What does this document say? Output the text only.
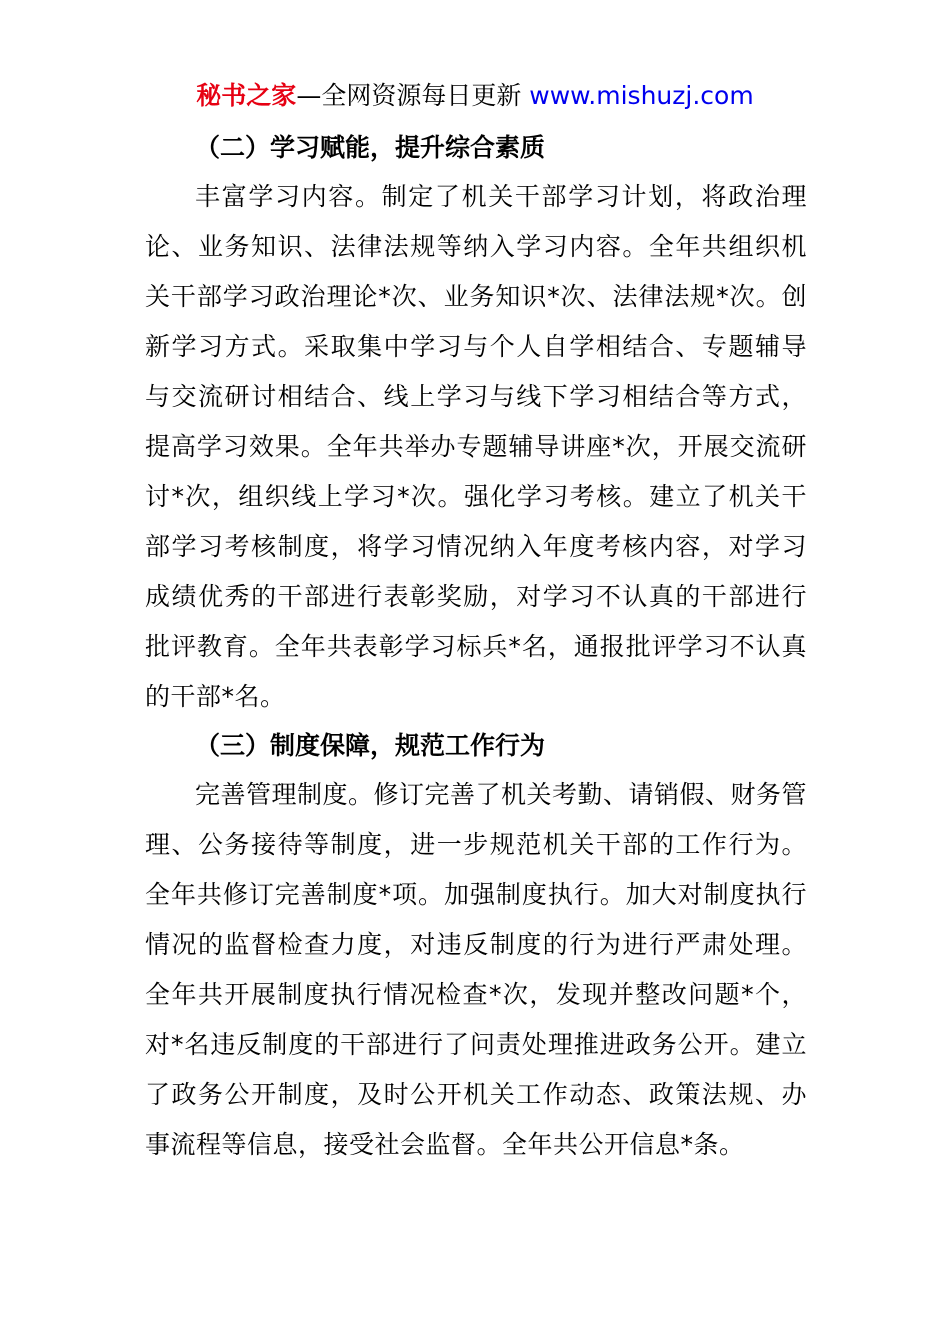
秘书之家—全网资源每日更新 www.mishuzj.com
（二）学习赋能，提升综合素质

丰富学习内容。制定了机关干部学习计划，将政治理论、业务知识、法律法规等纳入学习内容。全年共组织机关干部学习政治理论*次、业务知识*次、法律法规*次。创新学习方式。采取集中学习与个人自学相结合、专题辅导与交流研讨相结合、线上学习与线下学习相结合等方式，提高学习效果。全年共举办专题辅导讲座*次，开展交流研讨*次，组织线上学习*次。强化学习考核。建立了机关干部学习考核制度，将学习情况纳入年度考核内容，对学习成绩优秀的干部进行表彰奖励，对学习不认真的干部进行批评教育。全年共表彰学习标兵*名，通报批评学习不认真的干部*名。

（三）制度保障，规范工作行为

完善管理制度。修订完善了机关考勤、请销假、财务管理、公务接待等制度，进一步规范机关干部的工作行为。全年共修订完善制度*项。加强制度执行。加大对制度执行情况的监督检查力度，对违反制度的行为进行严肃处理。全年共开展制度执行情况检查*次，发现并整改问题*个，对*名违反制度的干部进行了问责处理推进政务公开。建立了政务公开制度，及时公开机关工作动态、政策法规、办事流程等信息，接受社会监督。全年共公开信息*条。
